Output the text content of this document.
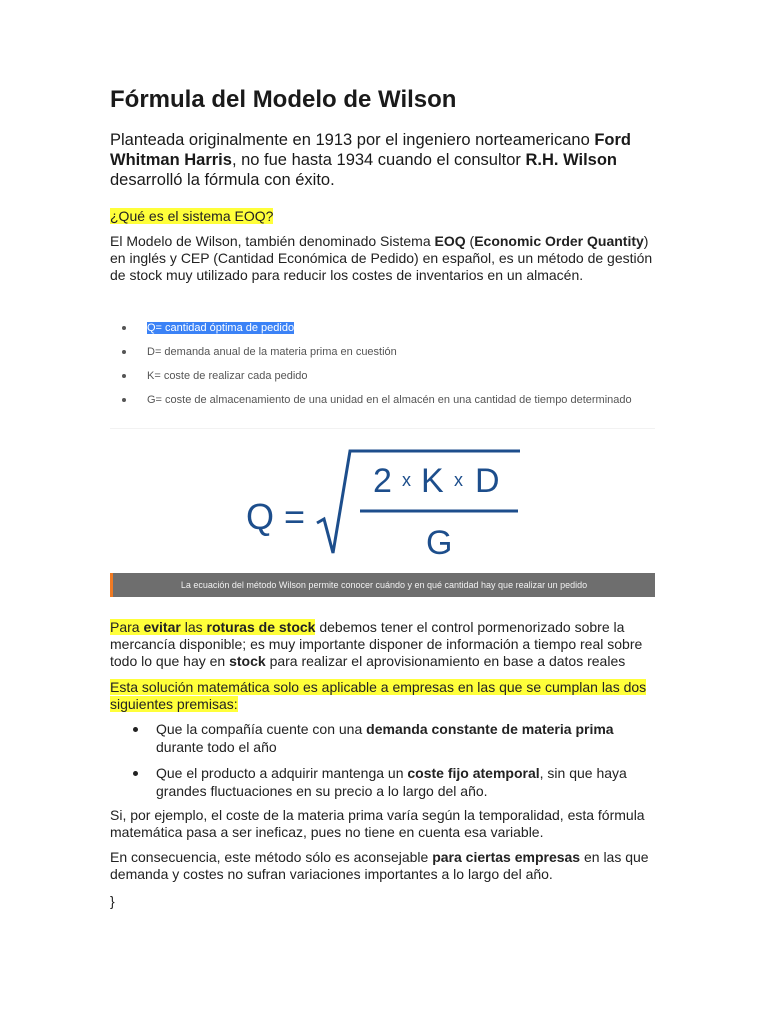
Fórmula del Modelo de Wilson

Planteada originalmente en 1913 por el ingeniero norteamericano Ford Whitman Harris, no fue hasta 1934 cuando el consultor R.H. Wilson desarrolló la fórmula con éxito.

¿Qué es el sistema EOQ?

El Modelo de Wilson, también denominado Sistema EOQ (Economic Order Quantity) en inglés y CEP (Cantidad Económica de Pedido) en español, es un método de gestión de stock muy utilizado para reducir los costes de inventarios en un almacén.

Q= cantidad óptima de pedido
D= demanda anual de la materia prima en cuestión
K= coste de realizar cada pedido
G= coste de almacenamiento de una unidad en el almacén en una cantidad de tiempo determinado
Q =
2 x K x D
G
La ecuación del método Wilson permite conocer cuándo y en qué cantidad hay que realizar un pedido

Para evitar las roturas de stock debemos tener el control pormenorizado sobre la mercancía disponible; es muy importante disponer de información a tiempo real sobre todo lo que hay en stock para realizar el aprovisionamiento en base a datos reales

Esta solución matemática solo es aplicable a empresas en las que se cumplan las dos siguientes premisas:

Que la compañía cuente con una demanda constante de materia prima durante todo el año
Que el producto a adquirir mantenga un coste fijo atemporal, sin que haya grandes fluctuaciones en su precio a lo largo del año.

Si, por ejemplo, el coste de la materia prima varía según la temporalidad, esta fórmula matemática pasa a ser ineficaz, pues no tiene en cuenta esa variable.

En consecuencia, este método sólo es aconsejable para ciertas empresas en las que demanda y costes no sufran variaciones importantes a lo largo del año.

}
